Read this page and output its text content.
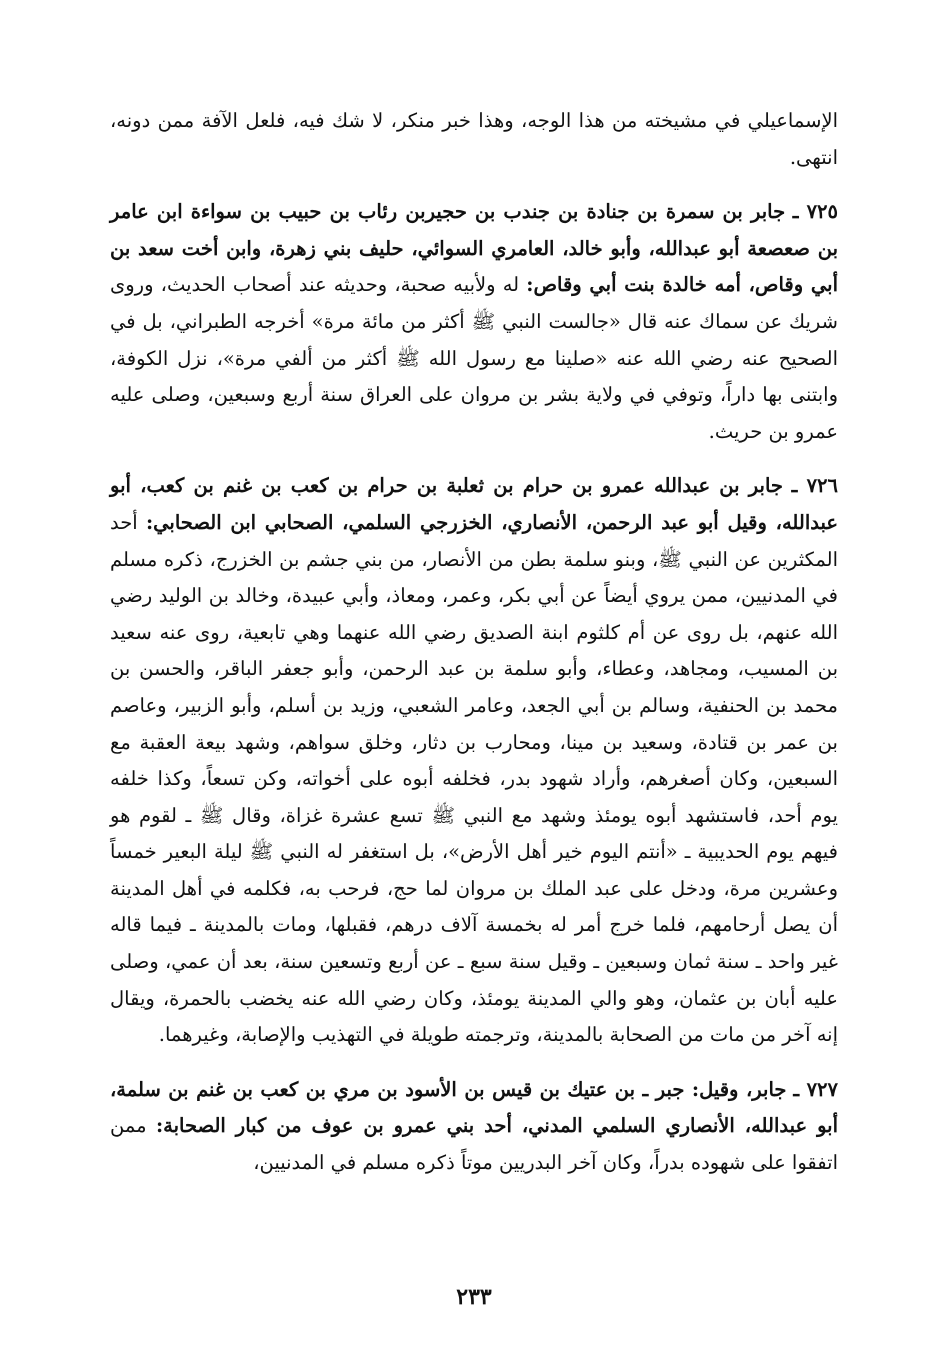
الإسماعيلي في مشيخته من هذا الوجه، وهذا خبر منكر، لا شك فيه، فلعل الآفة ممن دونه، انتهى.

٧٢٥ ـ جابر بن سمرة بن جنادة بن جندب بن حجيربن رئاب بن حبيب بن سواءة ابن عامر بن صعصعة أبو عبدالله، وأبو خالد، العامري السوائي، حليف بني زهرة، وابن أخت سعد بن أبي وقاص، أمه خالدة بنت أبي وقاص: له ولأبيه صحبة، وحديثه عند أصحاب الحديث، وروى شريك عن سماك عنه قال «جالست النبي ﷺ أكثر من مائة مرة» أخرجه الطبراني، بل في الصحيح عنه رضي الله عنه «صلينا مع رسول الله ﷺ أكثر من ألفي مرة»، نزل الكوفة، وابتنى بها داراً، وتوفي في ولاية بشر بن مروان على العراق سنة أربع وسبعين، وصلى عليه عمرو بن حريث.

٧٢٦ ـ جابر بن عبدالله عمرو بن حرام بن ثعلبة بن حرام بن كعب بن غنم بن كعب، أبو عبدالله، وقيل أبو عبد الرحمن، الأنصاري، الخزرجي السلمي، الصحابي ابن الصحابي: أحد المكثرين عن النبي ﷺ، وبنو سلمة بطن من الأنصار، من بني جشم بن الخزرج، ذكره مسلم في المدنيين، ممن يروي أيضاً عن أبي بكر، وعمر، ومعاذ، وأبي عبيدة، وخالد بن الوليد رضي الله عنهم، بل روى عن أم كلثوم ابنة الصديق رضي الله عنهما وهي تابعية، روى عنه سعيد بن المسيب، ومجاهد، وعطاء، وأبو سلمة بن عبد الرحمن، وأبو جعفر الباقر، والحسن بن محمد بن الحنفية، وسالم بن أبي الجعد، وعامر الشعبي، وزيد بن أسلم، وأبو الزبير، وعاصم بن عمر بن قتادة، وسعيد بن مينا، ومحارب بن دثار، وخلق سواهم، وشهد بيعة العقبة مع السبعين، وكان أصغرهم، وأراد شهود بدر، فخلفه أبوه على أخواته، وكن تسعاً، وكذا خلفه يوم أحد، فاستشهد أبوه يومئذ وشهد مع النبي ﷺ تسع عشرة غزاة، وقال ﷺ ـ لقوم هو فيهم يوم الحديبية ـ «أنتم اليوم خير أهل الأرض»، بل استغفر له النبي ﷺ ليلة البعير خمساً وعشرين مرة، ودخل على عبد الملك بن مروان لما حج، فرحب به، فكلمه في أهل المدينة أن يصل أرحامهم، فلما خرج أمر له بخمسة آلاف درهم، فقبلها، ومات بالمدينة ـ فيما قاله غير واحد ـ سنة ثمان وسبعين ـ وقيل سنة سبع ـ عن أربع وتسعين سنة، بعد أن عمي، وصلى عليه أبان بن عثمان، وهو والي المدينة يومئذ، وكان رضي الله عنه يخضب بالحمرة، ويقال إنه آخر من مات من الصحابة بالمدينة، وترجمته طويلة في التهذيب والإصابة، وغيرهما.

٧٢٧ ـ جابر، وقيل: جبر ـ بن عتيك بن قيس بن الأسود بن مري بن كعب بن غنم بن سلمة، أبو عبدالله، الأنصاري السلمي المدني، أحد بني عمرو بن عوف من كبار الصحابة: ممن اتفقوا على شهوده بدراً، وكان آخر البدريين موتاً ذكره مسلم في المدنيين،

٢٣٣
